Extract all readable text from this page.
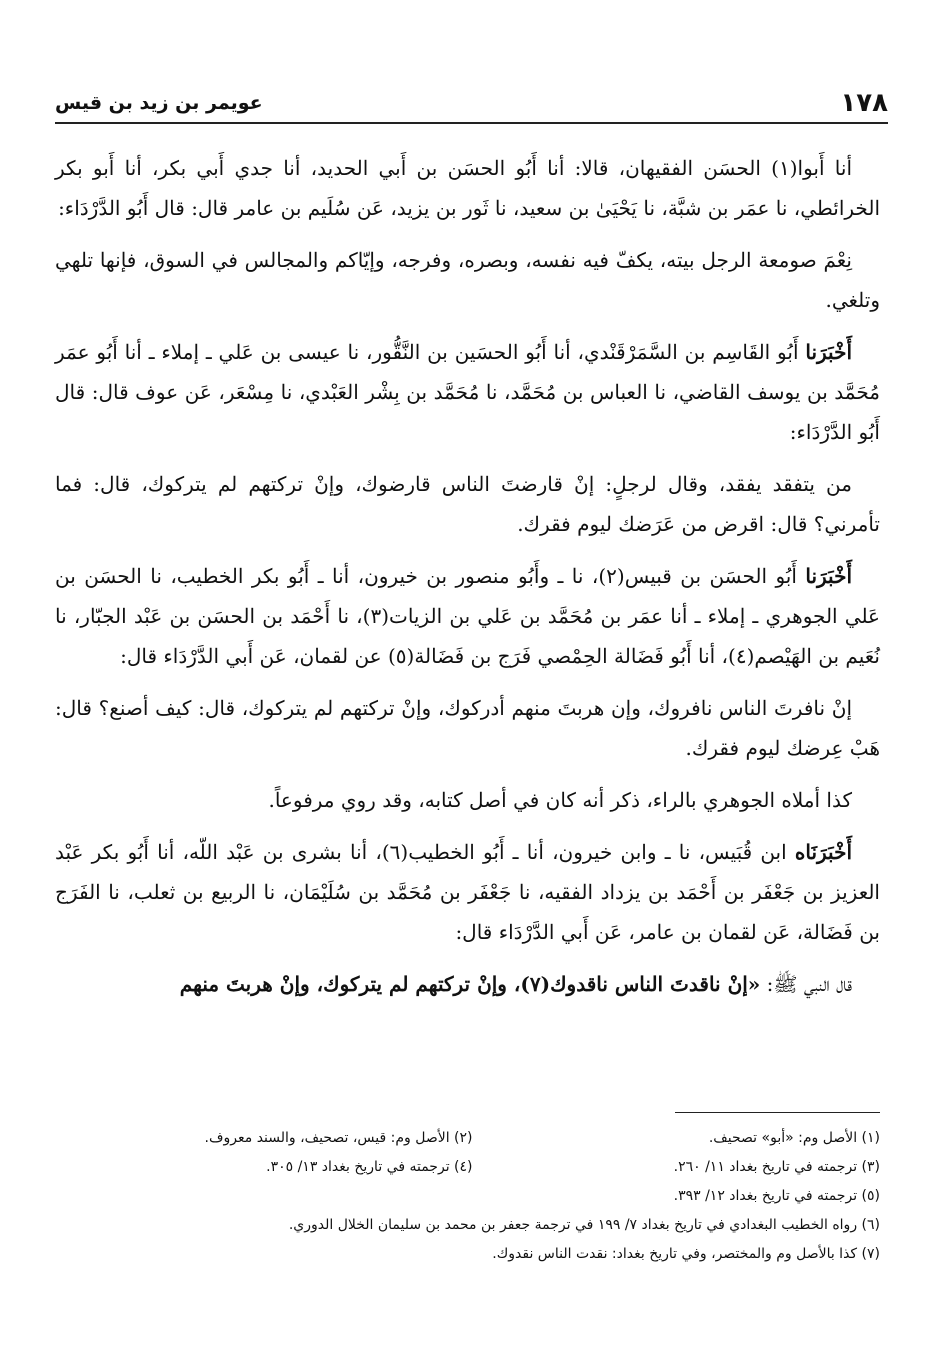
١٧٨
عويمر بن زيد بن قيس

أنا أَبوا(١) الحسَن الفقيهان، قالا: أنا أَبُو الحسَن بن أَبي الحديد، أنا جدي أَبي بكر، أنا أَبو بكر الخرائطي، نا عمَر بن شبَّة، نا يَحْيَىٰ بن سعيد، نا ثَور بن يزيد، عَن سُلَيم بن عامر قال: قال أَبُو الدَّرْدَاء:

نِعْمَ صومعة الرجل بيته، يكفّ فيه نفسه، وبصره، وفرجه، وإيّاكم والمجالس في السوق، فإنها تلهي وتلغي.

أَخْبَرَنا أَبُو القَاسِم بن السَّمَرْقَنْدي، أنا أَبُو الحسَين بن النَّقُّور، نا عيسى بن عَلي ـ إملاء ـ أنا أَبُو عمَر مُحَمَّد بن يوسف القاضي، نا العباس بن مُحَمَّد، نا مُحَمَّد بن بِشْر العَبْدي، نا مِسْعَر، عَن عوف قال: قال أَبُو الدَّرْدَاء:

من يتفقد يفقد، وقال لرجلٍ: إنْ قارضتَ الناس قارضوك، وإنْ تركتهم لم يتركوك، قال: فما تأمرني؟ قال: اقرض من عَرَضك ليوم فقرك.

أَخْبَرَنا أَبُو الحسَن بن قبيس(٢)، نا ـ وأَبُو منصور بن خيرون، أنا ـ أَبُو بكر الخطيب، نا الحسَن بن عَلي الجوهري ـ إملاء ـ أنا عمَر بن مُحَمَّد بن عَلي بن الزيات(٣)، نا أَحْمَد بن الحسَن بن عَبْد الجبّار، نا نُعَيم بن الهَيْصم(٤)، أنا أَبُو فَضَالة الحِمْصي فَرَج بن فَضَالة(٥) عن لقمان، عَن أَبي الدَّرْدَاء قال:

إنْ نافرتَ الناس نافروك، وإن هربتَ منهم أدركوك، وإنْ تركتهم لم يتركوك، قال: كيف أصنع؟ قال: هَبْ عِرضك ليوم فقرك.

كذا أملاه الجوهري بالراء، ذكر أنه كان في أصل كتابه، وقد روي مرفوعاً.

أَخْبَرَنَاه ابن قُبَيس، نا ـ وابن خيرون، أنا ـ أَبُو الخطيب(٦)، أنا بشرى بن عَبْد اللّه، أنا أَبُو بكر عَبْد العزيز بن جَعْفَر بن أَحْمَد بن يزداد الفقيه، نا جَعْفَر بن مُحَمَّد بن سُلَيْمَان، نا الربيع بن ثعلب، نا الفَرَج بن فَضَالة، عَن لقمان بن عامر، عَن أَبي الدَّرْدَاء قال:

قال النبي ﷺ: «إنْ ناقدتَ الناس ناقدوك(٧)، وإنْ تركتهم لم يتركوك، وإنْ هربتَ منهم

(١) الأصل وم: «أبو» تصحيف.
(٢) الأصل وم: قيس، تصحيف، والسند معروف.
(٣) ترجمته في تاريخ بغداد ١١/ ٢٦٠.
(٤) ترجمته في تاريخ بغداد ١٣/ ٣٠٥.
(٥) ترجمته في تاريخ بغداد ١٢/ ٣٩٣.
(٦) رواه الخطيب البغدادي في تاريخ بغداد ٧/ ١٩٩ في ترجمة جعفر بن محمد بن سليمان الخلال الدوري.
(٧) كذا بالأصل وم والمختصر، وفي تاريخ بغداد: نقدت الناس نقدوك.
